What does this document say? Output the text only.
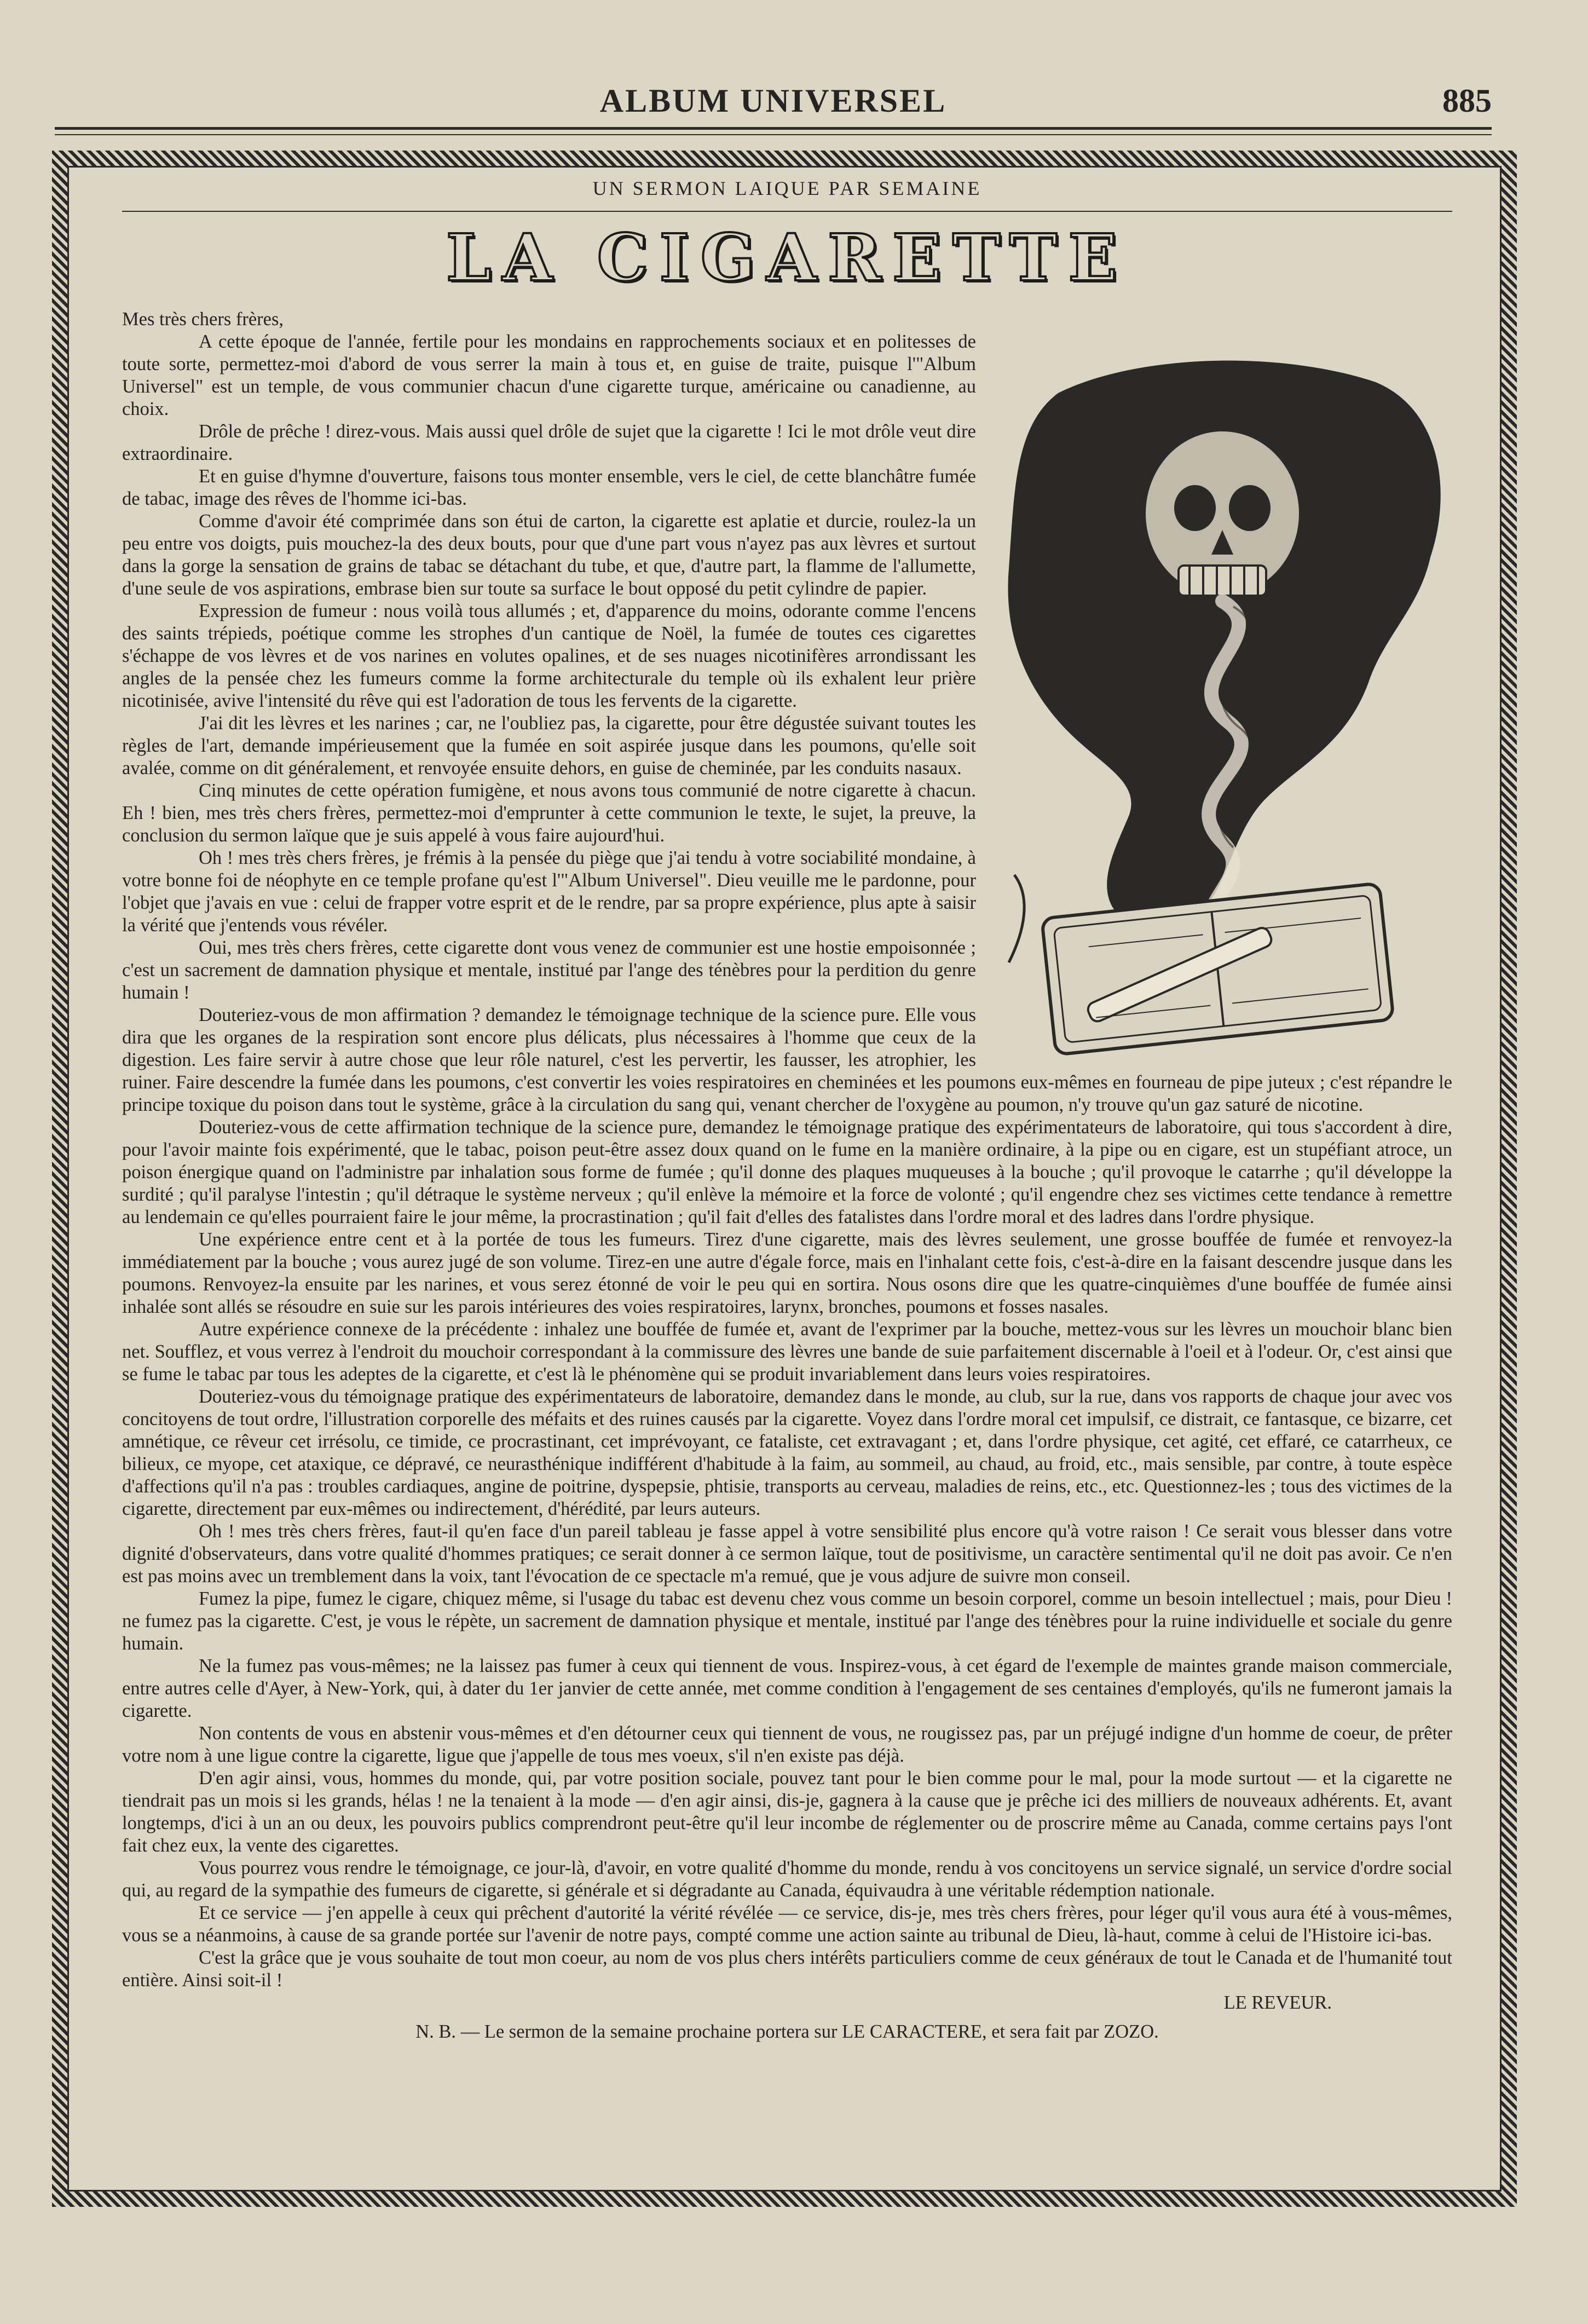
ALBUM UNIVERSEL	885
UN SERMON LAIQUE PAR SEMAINE
LA CIGARETTE

Mes très chers frères,

A cette époque de l'année, fertile pour les mondains en rapprochements sociaux et en politesses de toute sorte, permettez-moi d'abord de vous serrer la main à tous et, en guise de traite, puisque l'"Album Universel" est un temple, de vous communier chacun d'une cigarette turque, américaine ou canadienne, au choix.

Drôle de prêche ! direz-vous. Mais aussi quel drôle de sujet que la cigarette ! Ici le mot drôle veut dire extraordinaire.

Et en guise d'hymne d'ouverture, faisons tous monter ensemble, vers le ciel, de cette blanchâtre fumée de tabac, image des rêves de l'homme ici-bas.

Comme d'avoir été comprimée dans son étui de carton, la cigarette est aplatie et durcie, roulez-la un peu entre vos doigts, puis mouchez-la des deux bouts, pour que d'une part vous n'ayez pas aux lèvres et surtout dans la gorge la sensation de grains de tabac se détachant du tube, et que, d'autre part, la flamme de l'allumette, d'une seule de vos aspirations, embrase bien sur toute sa surface le bout opposé du petit cylindre de papier.

Expression de fumeur : nous voilà tous allumés ; et, d'apparence du moins, odorante comme l'encens des saints trépieds, poétique comme les strophes d'un cantique de Noël, la fumée de toutes ces cigarettes s'échappe de vos lèvres et de vos narines en volutes opalines, et de ses nuages nicotinifères arrondissant les angles de la pensée chez les fumeurs comme la forme architecturale du temple où ils exhalent leur prière nicotinisée, avive l'intensité du rêve qui est l'adoration de tous les fervents de la cigarette.

J'ai dit les lèvres et les narines ; car, ne l'oubliez pas, la cigarette, pour être dégustée suivant toutes les règles de l'art, demande impérieusement que la fumée en soit aspirée jusque dans les poumons, qu'elle soit avalée, comme on dit généralement, et renvoyée ensuite dehors, en guise de cheminée, par les conduits nasaux.

Cinq minutes de cette opération fumigène, et nous avons tous communié de notre cigarette à chacun. Eh ! bien, mes très chers frères, permettez-moi d'emprunter à cette communion le texte, le sujet, la preuve, la conclusion du sermon laïque que je suis appelé à vous faire aujourd'hui.

Oh ! mes très chers frères, je frémis à la pensée du piège que j'ai tendu à votre sociabilité mondaine, à votre bonne foi de néophyte en ce temple profane qu'est l'"Album Universel". Dieu veuille me le pardonne, pour l'objet que j'avais en vue : celui de frapper votre esprit et de le rendre, par sa propre expérience, plus apte à saisir la vérité que j'entends vous révéler.

Oui, mes très chers frères, cette cigarette dont vous venez de communier est une hostie empoisonnée ; c'est un sacrement de damnation physique et mentale, institué par l'ange des ténèbres pour la perdition du genre humain !

Douteriez-vous de mon affirmation ? demandez le témoignage technique de la science pure. Elle vous dira que les organes de la respiration sont encore plus délicats, plus nécessaires à l'homme que ceux de la digestion. Les faire servir à autre chose que leur rôle naturel, c'est les pervertir, les fausser, les atrophier, les ruiner. Faire descendre la fumée dans les poumons, c'est convertir les voies respiratoires en cheminées et les poumons eux-mêmes en fourneau de pipe juteux ; c'est répandre le principe toxique du poison dans tout le système, grâce à la circulation du sang qui, venant chercher de l'oxygène au poumon, n'y trouve qu'un gaz saturé de nicotine.

Douteriez-vous de cette affirmation technique de la science pure, demandez le témoignage pratique des expérimentateurs de laboratoire, qui tous s'accordent à dire, pour l'avoir mainte fois expérimenté, que le tabac, poison peut-être assez doux quand on le fume en la manière ordinaire, à la pipe ou en cigare, est un stupéfiant atroce, un poison énergique quand on l'administre par inhalation sous forme de fumée ; qu'il donne des plaques muqueuses à la bouche ; qu'il provoque le catarrhe ; qu'il développe la surdité ; qu'il paralyse l'intestin ; qu'il détraque le système nerveux ; qu'il enlève la mémoire et la force de volonté ; qu'il engendre chez ses victimes cette tendance à remettre au lendemain ce qu'elles pourraient faire le jour même, la procrastination ; qu'il fait d'elles des fatalistes dans l'ordre moral et des ladres dans l'ordre physique.

Une expérience entre cent et à la portée de tous les fumeurs. Tirez d'une cigarette, mais des lèvres seulement, une grosse bouffée de fumée et renvoyez-la immédiatement par la bouche ; vous aurez jugé de son volume. Tirez-en une autre d'égale force, mais en l'inhalant cette fois, c'est-à-dire en la faisant descendre jusque dans les poumons. Renvoyez-la ensuite par les narines, et vous serez étonné de voir le peu qui en sortira. Nous osons dire que les quatre-cinquièmes d'une bouffée de fumée ainsi inhalée sont allés se résoudre en suie sur les parois intérieures des voies respiratoires, larynx, bronches, poumons et fosses nasales.

Autre expérience connexe de la précédente : inhalez une bouffée de fumée et, avant de l'exprimer par la bouche, mettez-vous sur les lèvres un mouchoir blanc bien net. Soufflez, et vous verrez à l'endroit du mouchoir correspondant à la commissure des lèvres une bande de suie parfaitement discernable à l'oeil et à l'odeur. Or, c'est ainsi que se fume le tabac par tous les adeptes de la cigarette, et c'est là le phénomène qui se produit invariablement dans leurs voies respiratoires.

Douteriez-vous du témoignage pratique des expérimentateurs de laboratoire, demandez dans le monde, au club, sur la rue, dans vos rapports de chaque jour avec vos concitoyens de tout ordre, l'illustration corporelle des méfaits et des ruines causés par la cigarette. Voyez dans l'ordre moral cet impulsif, ce distrait, ce fantasque, ce bizarre, cet amnétique, ce rêveur cet irrésolu, ce timide, ce procrastinant, cet imprévoyant, ce fataliste, cet extravagant ; et, dans l'ordre physique, cet agité, cet effaré, ce catarrheux, ce bilieux, ce myope, cet ataxique, ce dépravé, ce neurasthénique indifférent d'habitude à la faim, au sommeil, au chaud, au froid, etc., mais sensible, par contre, à toute espèce d'affections qu'il n'a pas : troubles cardiaques, angine de poitrine, dyspepsie, phtisie, transports au cerveau, maladies de reins, etc., etc. Questionnez-les ; tous des victimes de la cigarette, directement par eux-mêmes ou indirectement, d'hérédité, par leurs auteurs.

Oh ! mes très chers frères, faut-il qu'en face d'un pareil tableau je fasse appel à votre sensibilité plus encore qu'à votre raison ! Ce serait vous blesser dans votre dignité d'observateurs, dans votre qualité d'hommes pratiques; ce serait donner à ce sermon laïque, tout de positivisme, un caractère sentimental qu'il ne doit pas avoir. Ce n'en est pas moins avec un tremblement dans la voix, tant l'évocation de ce spectacle m'a remué, que je vous adjure de suivre mon conseil.

Fumez la pipe, fumez le cigare, chiquez même, si l'usage du tabac est devenu chez vous comme un besoin corporel, comme un besoin intellectuel ; mais, pour Dieu ! ne fumez pas la cigarette. C'est, je vous le répète, un sacrement de damnation physique et mentale, institué par l'ange des ténèbres pour la ruine individuelle et sociale du genre humain.

Ne la fumez pas vous-mêmes; ne la laissez pas fumer à ceux qui tiennent de vous. Inspirez-vous, à cet égard de l'exemple de maintes grande maison commerciale, entre autres celle d'Ayer, à New-York, qui, à dater du 1er janvier de cette année, met comme condition à l'engagement de ses centaines d'employés, qu'ils ne fumeront jamais la cigarette.

Non contents de vous en abstenir vous-mêmes et d'en détourner ceux qui tiennent de vous, ne rougissez pas, par un préjugé indigne d'un homme de coeur, de prêter votre nom à une ligue contre la cigarette, ligue que j'appelle de tous mes voeux, s'il n'en existe pas déjà.

D'en agir ainsi, vous, hommes du monde, qui, par votre position sociale, pouvez tant pour le bien comme pour le mal, pour la mode surtout — et la cigarette ne tiendrait pas un mois si les grands, hélas ! ne la tenaient à la mode — d'en agir ainsi, dis-je, gagnera à la cause que je prêche ici des milliers de nouveaux adhérents. Et, avant longtemps, d'ici à un an ou deux, les pouvoirs publics comprendront peut-être qu'il leur incombe de réglementer ou de proscrire même au Canada, comme certains pays l'ont fait chez eux, la vente des cigarettes.

Vous pourrez vous rendre le témoignage, ce jour-là, d'avoir, en votre qualité d'homme du monde, rendu à vos concitoyens un service signalé, un service d'ordre social qui, au regard de la sympathie des fumeurs de cigarette, si générale et si dégradante au Canada, équivaudra à une véritable rédemption nationale.

Et ce service — j'en appelle à ceux qui prêchent d'autorité la vérité révélée — ce service, dis-je, mes très chers frères, pour léger qu'il vous aura été à vous-mêmes, vous se a néanmoins, à cause de sa grande portée sur l'avenir de notre pays, compté comme une action sainte au tribunal de Dieu, là-haut, comme à celui de l'Histoire ici-bas.

C'est la grâce que je vous souhaite de tout mon coeur, au nom de vos plus chers intérêts particuliers comme de ceux généraux de tout le Canada et de l'humanité tout entière. Ainsi soit-il !

LE REVEUR.

N. B. — Le sermon de la semaine prochaine portera sur LE CARACTERE, et sera fait par ZOZO.
